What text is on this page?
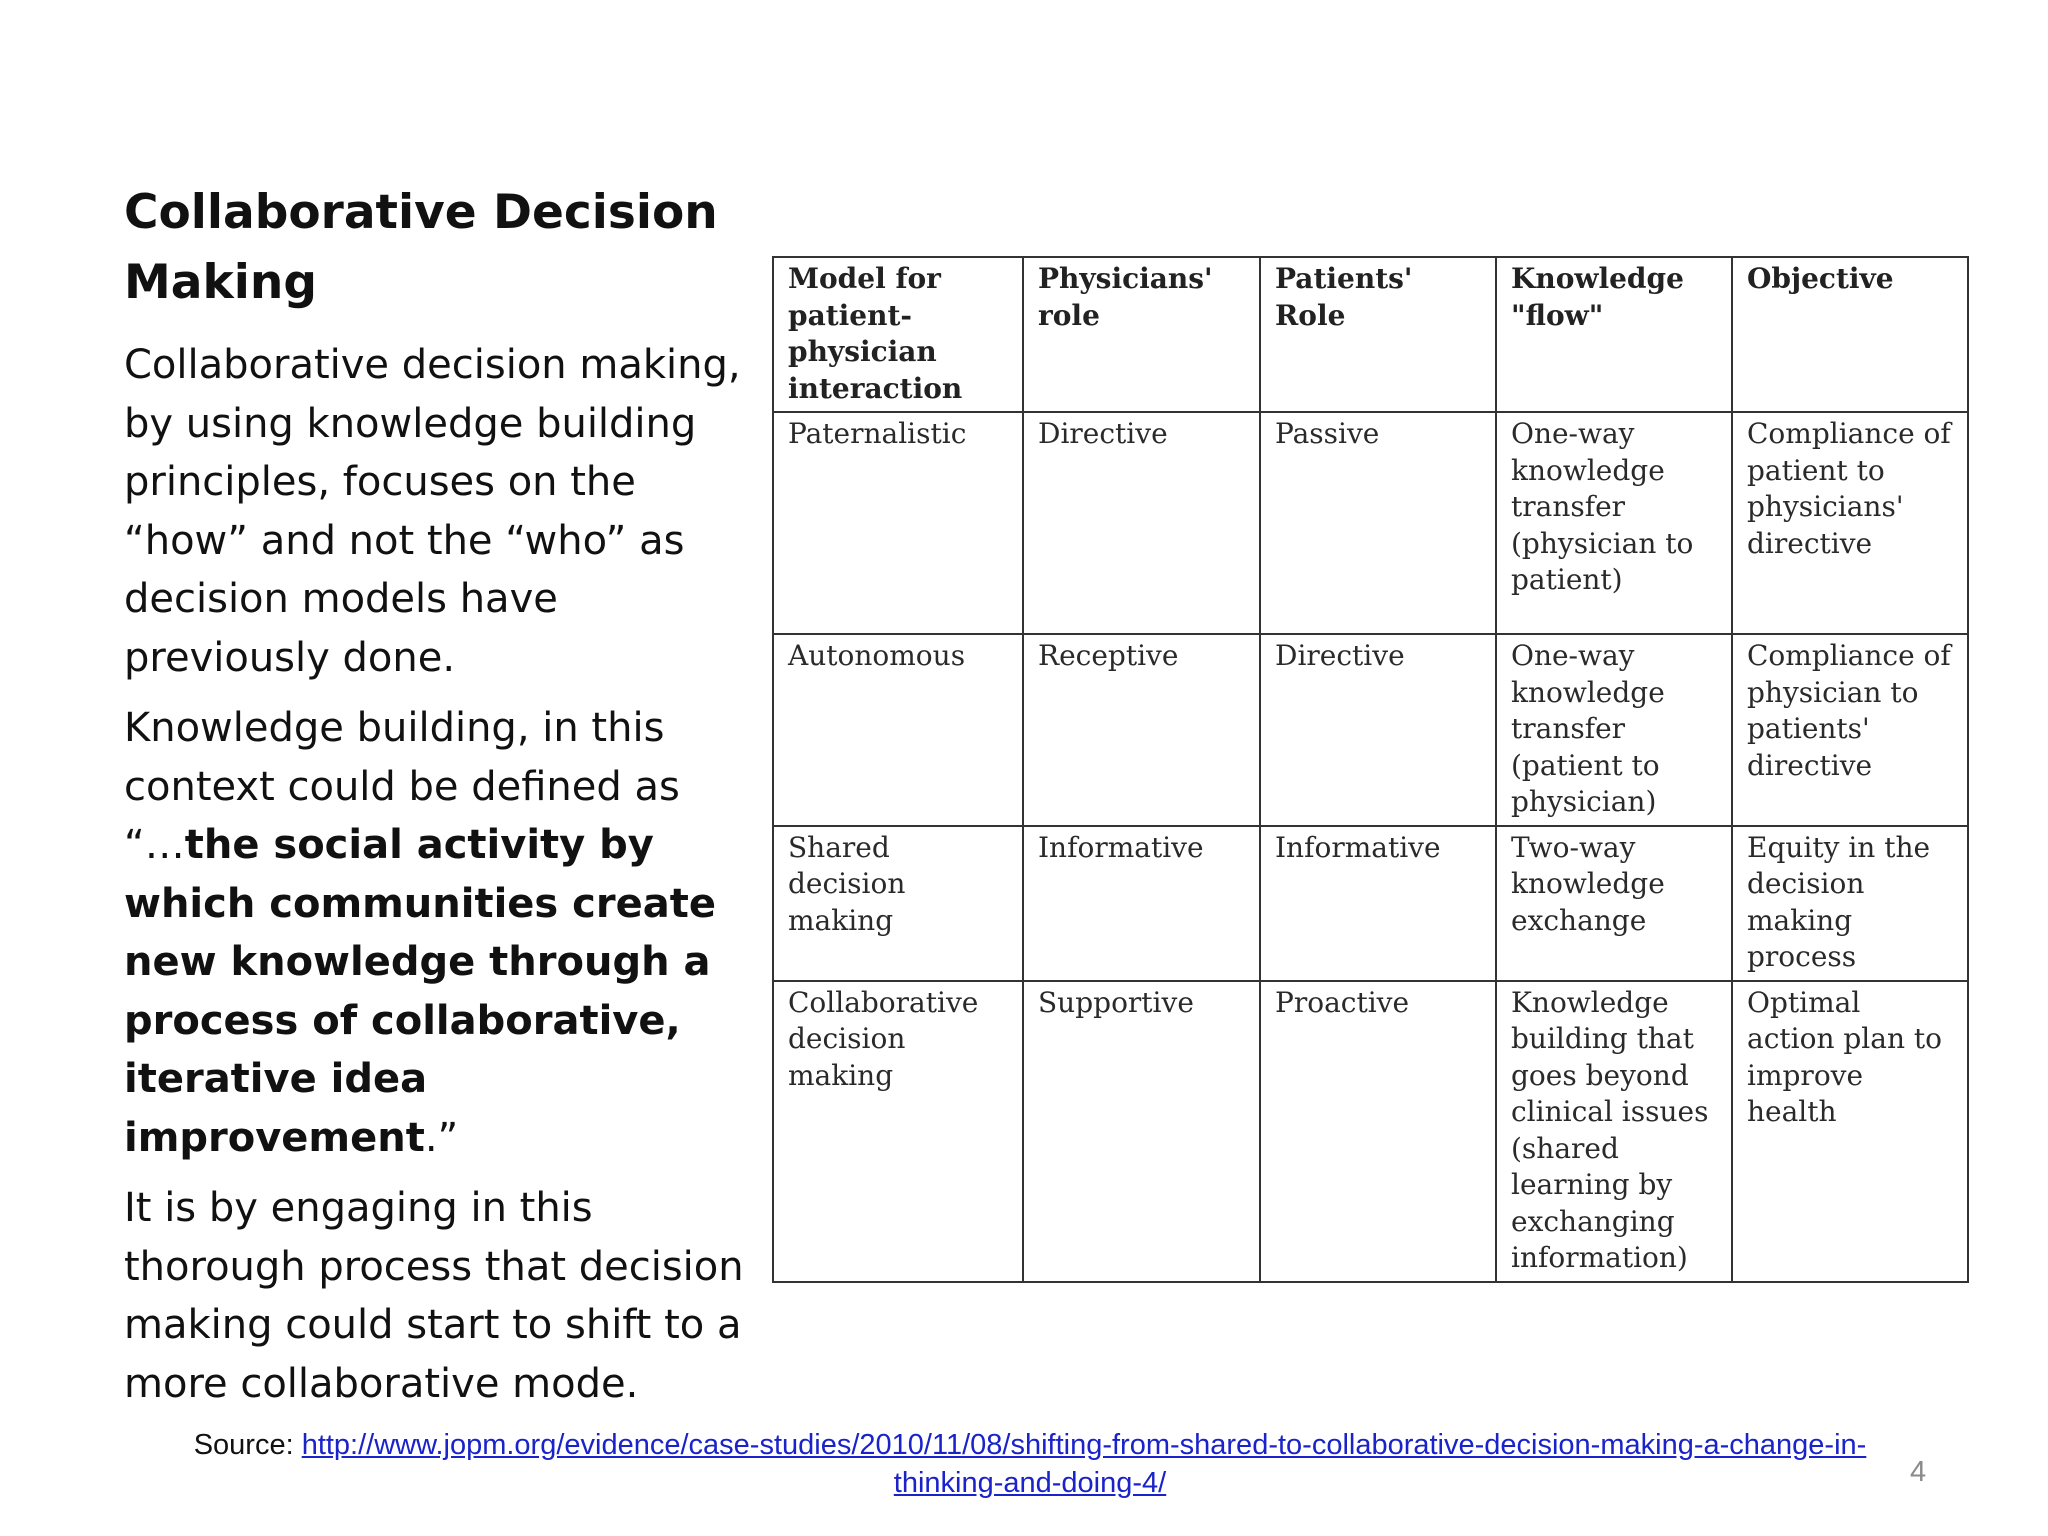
Collaborative Decision Making

Collaborative decision making, by using knowledge building principles, focuses on the “how” and not the “who” as decision models have previously done.

Knowledge building, in this context could be defined as “…the social activity by which communities create new knowledge through a process of collaborative, iterative idea improvement.”

It is by engaging in this thorough process that decision making could start to shift to a more collaborative mode.

Model for patient-physician interaction	Physicians' role	Patients' Role	Knowledge "flow"	Objective
Paternalistic	Directive	Passive	One-way knowledge transfer (physician to patient)	Compliance of patient to physicians' directive
Autonomous	Receptive	Directive	One-way knowledge transfer (patient to physician)	Compliance of physician to patients' directive
Shared decision making	Informative	Informative	Two-way knowledge exchange	Equity in the decision making process
Collaborative decision making	Supportive	Proactive	Knowledge building that goes beyond clinical issues (shared learning by exchanging information)	Optimal action plan to improve health
Source: http://www.jopm.org/evidence/case-studies/2010/11/08/shifting-from-shared-to-collaborative-decision-making-a-change-in-thinking-and-doing-4/	4
